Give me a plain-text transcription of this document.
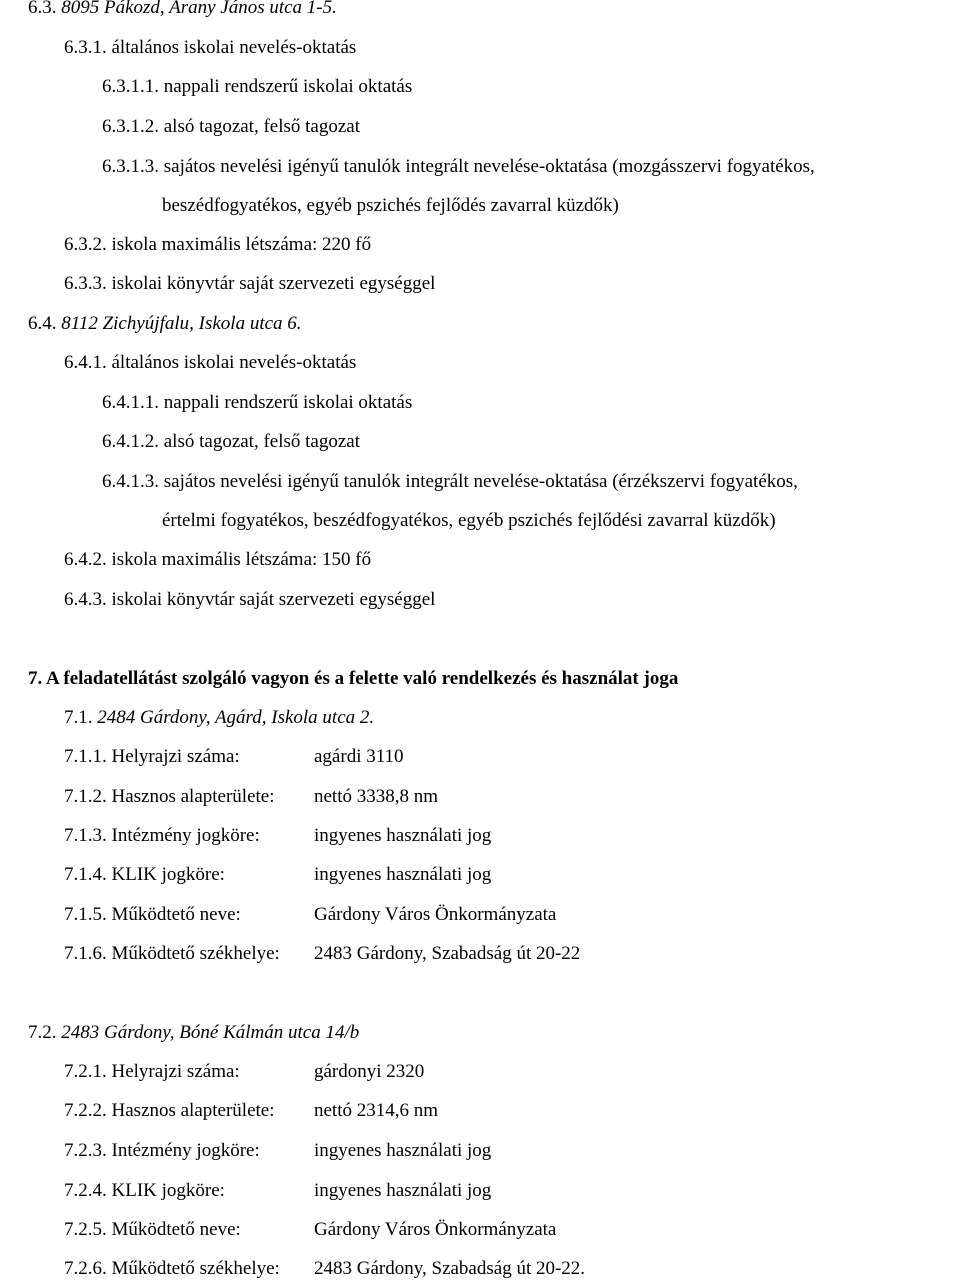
6.3. 8095 Pákozd, Arany János utca 1-5.
6.3.1. általános iskolai nevelés-oktatás
6.3.1.1. nappali rendszerű iskolai oktatás
6.3.1.2. alsó tagozat, felső tagozat
6.3.1.3. sajátos nevelési igényű tanulók integrált nevelése-oktatása (mozgásszervi fogyatékos,
beszédfogyatékos, egyéb pszichés fejlődés zavarral küzdők)
6.3.2. iskola maximális létszáma: 220 fő
6.3.3. iskolai könyvtár saját szervezeti egységgel
6.4. 8112 Zichyújfalu, Iskola utca 6.
6.4.1. általános iskolai nevelés-oktatás
6.4.1.1. nappali rendszerű iskolai oktatás
6.4.1.2. alsó tagozat, felső tagozat
6.4.1.3. sajátos nevelési igényű tanulók integrált nevelése-oktatása (érzékszervi fogyatékos,
értelmi fogyatékos, beszédfogyatékos, egyéb pszichés fejlődési zavarral küzdők)
6.4.2. iskola maximális létszáma: 150 fő
6.4.3. iskolai könyvtár saját szervezeti egységgel
7. A feladatellátást szolgáló vagyon és a felette való rendelkezés és használat joga
7.1. 2484 Gárdony, Agárd, Iskola utca 2.
7.1.1. Helyrajzi száma:	agárdi 3110
7.1.2. Hasznos alapterülete: nettó 3338,8 nm
7.1.3. Intézmény jogköre:	ingyenes használati jog
7.1.4. KLIK jogköre:	ingyenes használati jog
7.1.5. Működtető neve:	Gárdony Város Önkormányzata
7.1.6. Működtető székhelye: 2483 Gárdony, Szabadság út 20-22
7.2. 2483 Gárdony, Bóné Kálmán utca 14/b
7.2.1. Helyrajzi száma:	gárdonyi 2320
7.2.2. Hasznos alapterülete: nettó 2314,6 nm
7.2.3. Intézmény jogköre:	ingyenes használati jog
7.2.4. KLIK jogköre:	ingyenes használati jog
7.2.5. Működtető neve:	Gárdony Város Önkormányzata
7.2.6. Működtető székhelye: 2483 Gárdony, Szabadság út 20-22.
